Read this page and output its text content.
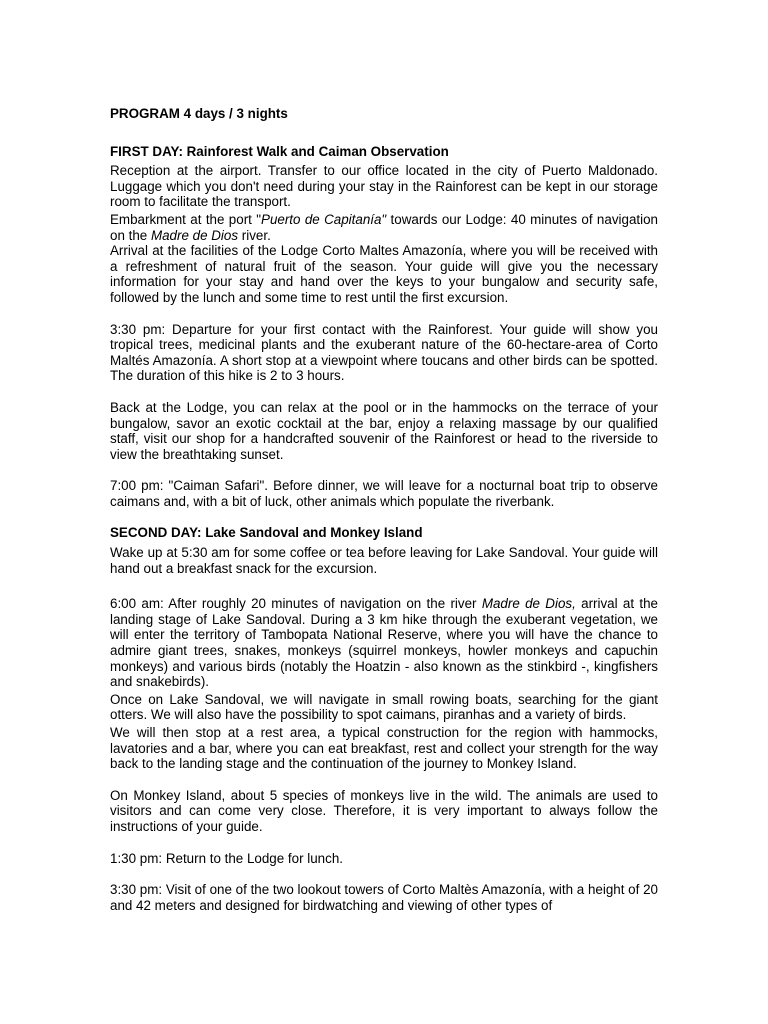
PROGRAM 4 days / 3 nights

FIRST DAY: Rainforest Walk and Caiman Observation

Reception at the airport. Transfer to our office located in the city of Puerto Maldonado. Luggage which you don't need during your stay in the Rainforest can be kept in our storage room to facilitate the transport.

Embarkment at the port "Puerto de Capitanía" towards our Lodge: 40 minutes of navigation on the Madre de Dios river.

Arrival at the facilities of the Lodge Corto Maltes Amazonía, where you will be received with a refreshment of natural fruit of the season. Your guide will give you the necessary information for your stay and hand over the keys to your bungalow and security safe, followed by the lunch and some time to rest until the first excursion.

3:30 pm: Departure for your first contact with the Rainforest. Your guide will show you tropical trees, medicinal plants and the exuberant nature of the 60-hectare-area of Corto Maltés Amazonía. A short stop at a viewpoint where toucans and other birds can be spotted. The duration of this hike is 2 to 3 hours.

Back at the Lodge, you can relax at the pool or in the hammocks on the terrace of your bungalow, savor an exotic cocktail at the bar, enjoy a relaxing massage by our qualified staff, visit our shop for a handcrafted souvenir of the Rainforest or head to the riverside to view the breathtaking sunset.

7:00 pm: "Caiman Safari". Before dinner, we will leave for a nocturnal boat trip to observe caimans and, with a bit of luck, other animals which populate the riverbank.

SECOND DAY: Lake Sandoval and Monkey Island

Wake up at 5:30 am for some coffee or tea before leaving for Lake Sandoval. Your guide will hand out a breakfast snack for the excursion.

6:00 am: After roughly 20 minutes of navigation on the river Madre de Dios, arrival at the landing stage of Lake Sandoval. During a 3 km hike through the exuberant vegetation, we will enter the territory of Tambopata National Reserve, where you will have the chance to admire giant trees, snakes, monkeys (squirrel monkeys, howler monkeys and capuchin monkeys) and various birds (notably the Hoatzin - also known as the stinkbird -, kingfishers and snakebirds).

Once on Lake Sandoval, we will navigate in small rowing boats, searching for the giant otters. We will also have the possibility to spot caimans, piranhas and a variety of birds.

We will then stop at a rest area, a typical construction for the region with hammocks, lavatories and a bar, where you can eat breakfast, rest and collect your strength for the way back to the landing stage and the continuation of the journey to Monkey Island.

On Monkey Island, about 5 species of monkeys live in the wild. The animals are used to visitors and can come very close. Therefore, it is very important to always follow the instructions of your guide.

1:30 pm: Return to the Lodge for lunch.

3:30 pm: Visit of one of the two lookout towers of Corto Maltès Amazonía, with a height of 20 and 42 meters and designed for birdwatching and viewing of other types of
